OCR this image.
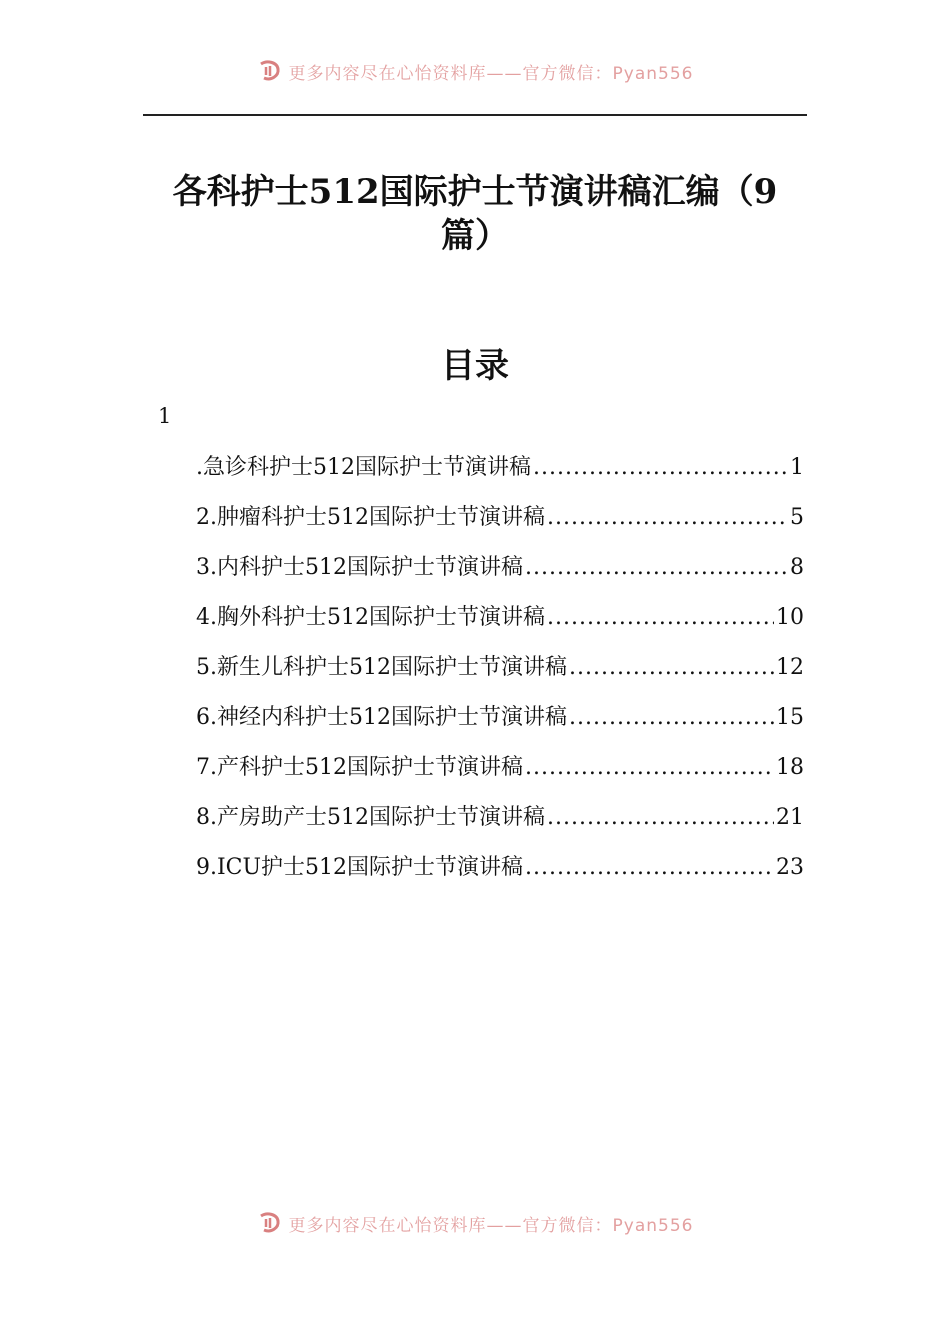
更多内容尽在心怡资料库——官方微信：Pyan556
各科护士512国际护士节演讲稿汇编（9篇）
目录
1
.急诊科护士512国际护士节演讲稿 .....	1
2.肿瘤科护士512国际护士节演讲稿 .....	5
3.内科护士512国际护士节演讲稿 .....	8
4.胸外科护士512国际护士节演讲稿 .....	10
5.新生儿科护士512国际护士节演讲稿 .....	12
6.神经内科护士512国际护士节演讲稿 .....	15
7.产科护士512国际护士节演讲稿 .....	18
8.产房助产士512国际护士节演讲稿 .....	21
9.ICU护士512国际护士节演讲稿 .....	23
更多内容尽在心怡资料库——官方微信：Pyan556
